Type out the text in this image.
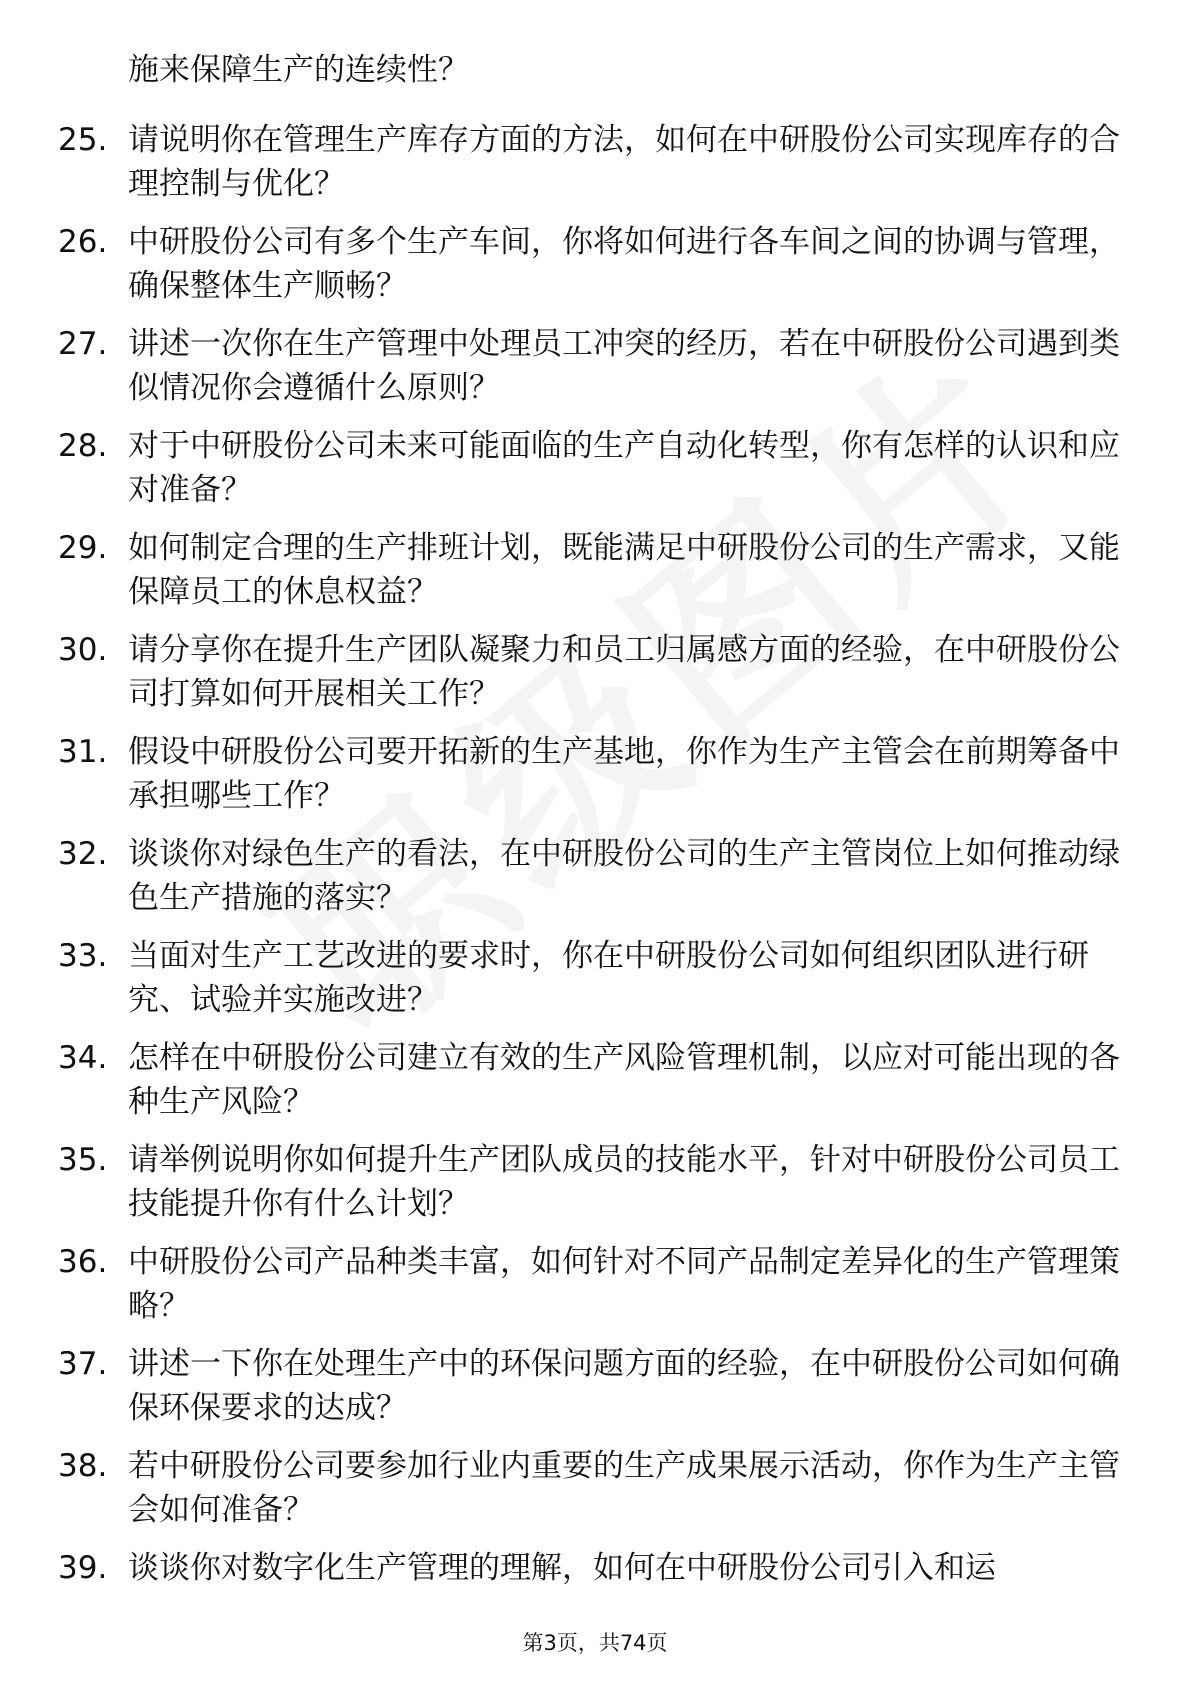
施来保障生产的连续性？
25. 请说明你在管理生产库存方面的方法，如何在中研股份公司实现库存的合理控制与优化？
26. 中研股份公司有多个生产车间，你将如何进行各车间之间的协调与管理，确保整体生产顺畅？
27. 讲述一次你在生产管理中处理员工冲突的经历，若在中研股份公司遇到类似情况你会遵循什么原则？
28. 对于中研股份公司未来可能面临的生产自动化转型，你有怎样的认识和应对准备？
29. 如何制定合理的生产排班计划，既能满足中研股份公司的生产需求，又能保障员工的休息权益？
30. 请分享你在提升生产团队凝聚力和员工归属感方面的经验，在中研股份公司打算如何开展相关工作？
31. 假设中研股份公司要开拓新的生产基地，你作为生产主管会在前期筹备中承担哪些工作？
32. 谈谈你对绿色生产的看法，在中研股份公司的生产主管岗位上如何推动绿色生产措施的落实？
33. 当面对生产工艺改进的要求时，你在中研股份公司如何组织团队进行研究、试验并实施改进？
34. 怎样在中研股份公司建立有效的生产风险管理机制，以应对可能出现的各种生产风险？
35. 请举例说明你如何提升生产团队成员的技能水平，针对中研股份公司员工技能提升你有什么计划？
36. 中研股份公司产品种类丰富，如何针对不同产品制定差异化的生产管理策略？
37. 讲述一下你在处理生产中的环保问题方面的经验，在中研股份公司如何确保环保要求的达成？
38. 若中研股份公司要参加行业内重要的生产成果展示活动，你作为生产主管会如何准备？
39. 谈谈你对数字化生产管理的理解，如何在中研股份公司引入和运
第3页，共74页
